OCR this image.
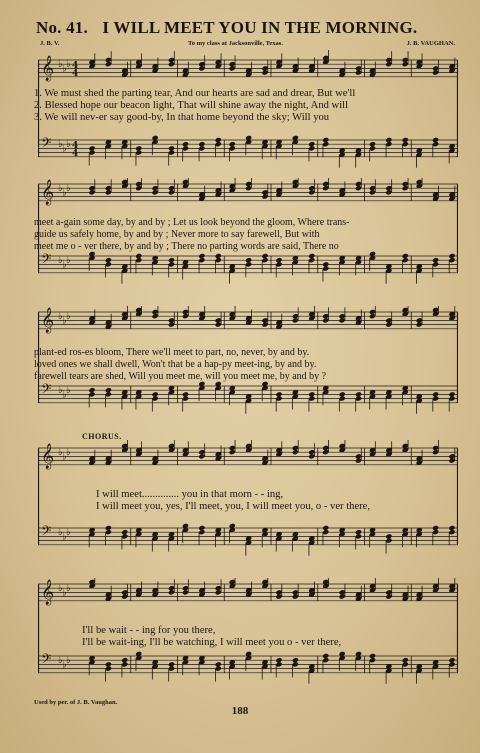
No. 41. I WILL MEET YOU IN THE MORNING.
J. B. V.	To my class at Jacksonville, Texas.	J. B. VAUGHAN.
𝄞 ♭ ♭ ♭ 4
4
𝄢 ♭ ♭ ♭ 4
4
1. We must shed the parting tear, And our hearts are sad and drear, But we'll
2. Blessed hope our beacon light, That will shine away the night, And will
3. We will nev-er say good-by, In that home beyond the sky; Will you
𝄞 ♭ ♭ ♭
𝄢 ♭ ♭ ♭
meet a-gain some day, by and by ; Let us look beyond the gloom, Where trans-
guide us safely home, by and by ; Never more to say farewell, But with
meet me o - ver there, by and by ; There no parting words are said, There no
𝄞 ♭ ♭ ♭
𝄢 ♭ ♭ ♭
plant-ed ros-es bloom, There we'll meet to part, no, never, by and by.
loved ones we shall dwell, Won't that be a hap-py meet-ing, by and by.
farewell tears are shed, Will you meet me, will you meet me, by and by ?
CHORUS.
𝄞 ♭ ♭ ♭
𝄢 ♭ ♭ ♭
I will meet.............. you in that morn - - ing,
I will meet you, yes, I'll meet, you, I will meet you, o - ver there,
𝄞 ♭ ♭ ♭
𝄢 ♭ ♭ ♭
I'll be wait - - ing for you there,
I'll be wait-ing, I'll be watching, I will meet you o - ver there,
Used by per. of J. B. Vaughan.
188
